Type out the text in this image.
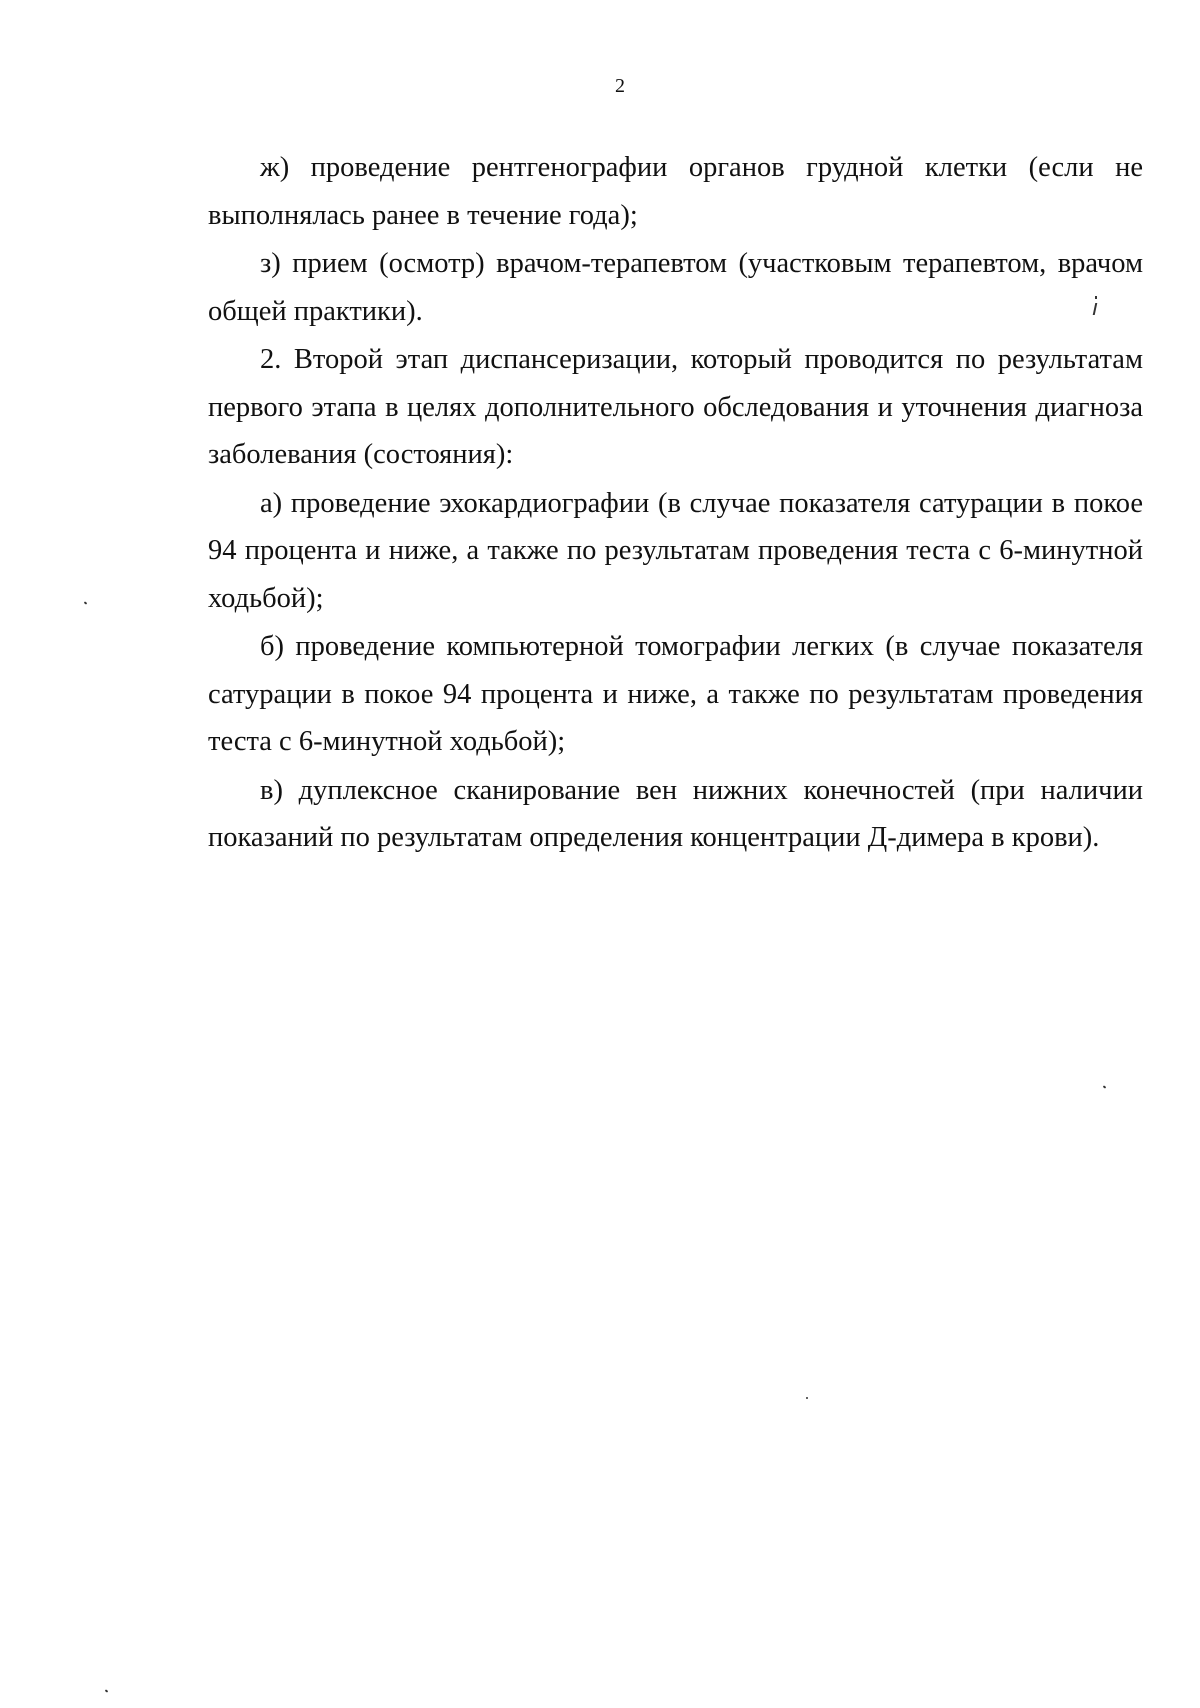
2

ж) проведение рентгенографии органов грудной клетки (если не выполнялась ранее в течение года);

з) прием (осмотр) врачом-терапевтом (участковым терапевтом, врачом общей практики).

2. Второй этап диспансеризации, который проводится по результатам первого этапа в целях дополнительного обследования и уточнения диагноза заболевания (состояния):

а) проведение эхокардиографии (в случае показателя сатурации в покое 94 процента и ниже, а также по результатам проведения теста с 6-минутной ходьбой);

б) проведение компьютерной томографии легких (в случае показателя сатурации в покое 94 процента и ниже, а также по результатам проведения теста с 6-минутной ходьбой);

в) дуплексное сканирование вен нижних конечностей (при наличии показаний по результатам определения концентрации Д-димера в крови).
